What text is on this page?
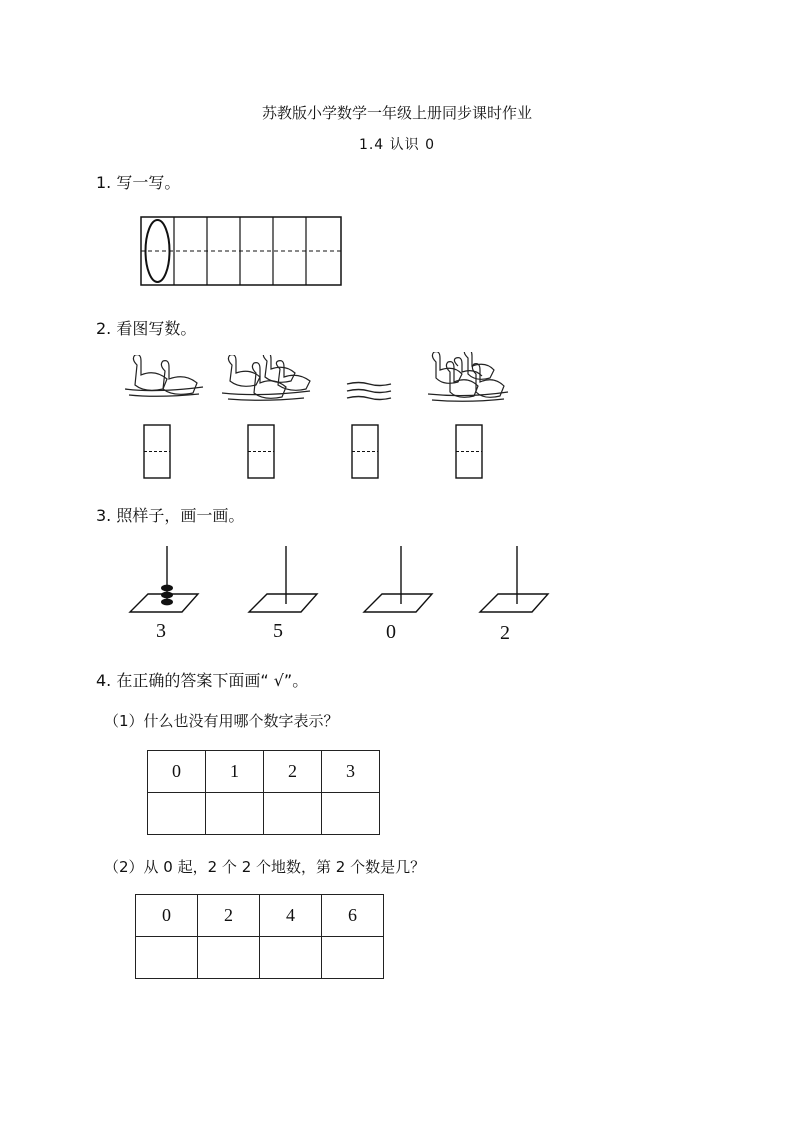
苏教版小学数学一年级上册同步课时作业
1.4 认识 0
1. 写一写。
2. 看图写数。
3. 照样子，画一画。
3	5	0	2
4. 在正确的答案下面画“ √”。
（1）什么也没有用哪个数字表示？
0	1	2	3

（2）从 0 起，2 个 2 个地数，第 2 个数是几？
0	2	4	6
